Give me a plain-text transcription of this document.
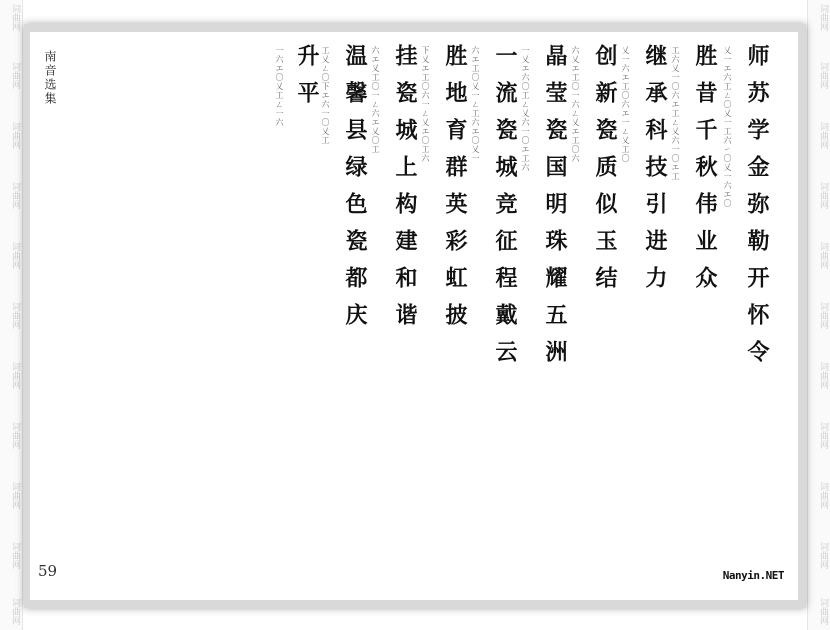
词曲网
词曲网
词曲网
词曲网
词曲网
词曲网
词曲网
词曲网
词曲网
词曲网
词曲网
词曲网
词曲网
词曲网
词曲网
词曲网
词曲网
词曲网
词曲网
词曲网
词曲网
词曲网
南音选集	师苏学金弥勒开怀令
乂一エ六工ㄥ〇乂一工六㇀〇乂一六エ〇
胜昔千秋伟业众
工六乂一〇六エ工ㄥ乂六一〇エ工
继承科技引进力
乂一六エ工〇六エ一ㄥ乂工〇
创新瓷质似玉结
六乂エ工〇一六ㄥ乂エ工〇六
晶莹瓷国明珠耀五洲
一乂エ六〇工ㄥ乂六一〇エ工六
一流瓷城竞征程戴云
六エ工〇乂一ㄥ工六エ〇乂一
胜地育群英彩虹披
下乂エ工〇六一ㄥ乂エ〇工六
挂瓷城上构建和谐
六エ乂工〇一ㄥ六エ乂〇工
温馨县绿色瓷都庆
工乂ㄥ〇下エ六一〇乂工
升平
一六エ〇乂工ㄥ一六
59	Nanyin.NET
